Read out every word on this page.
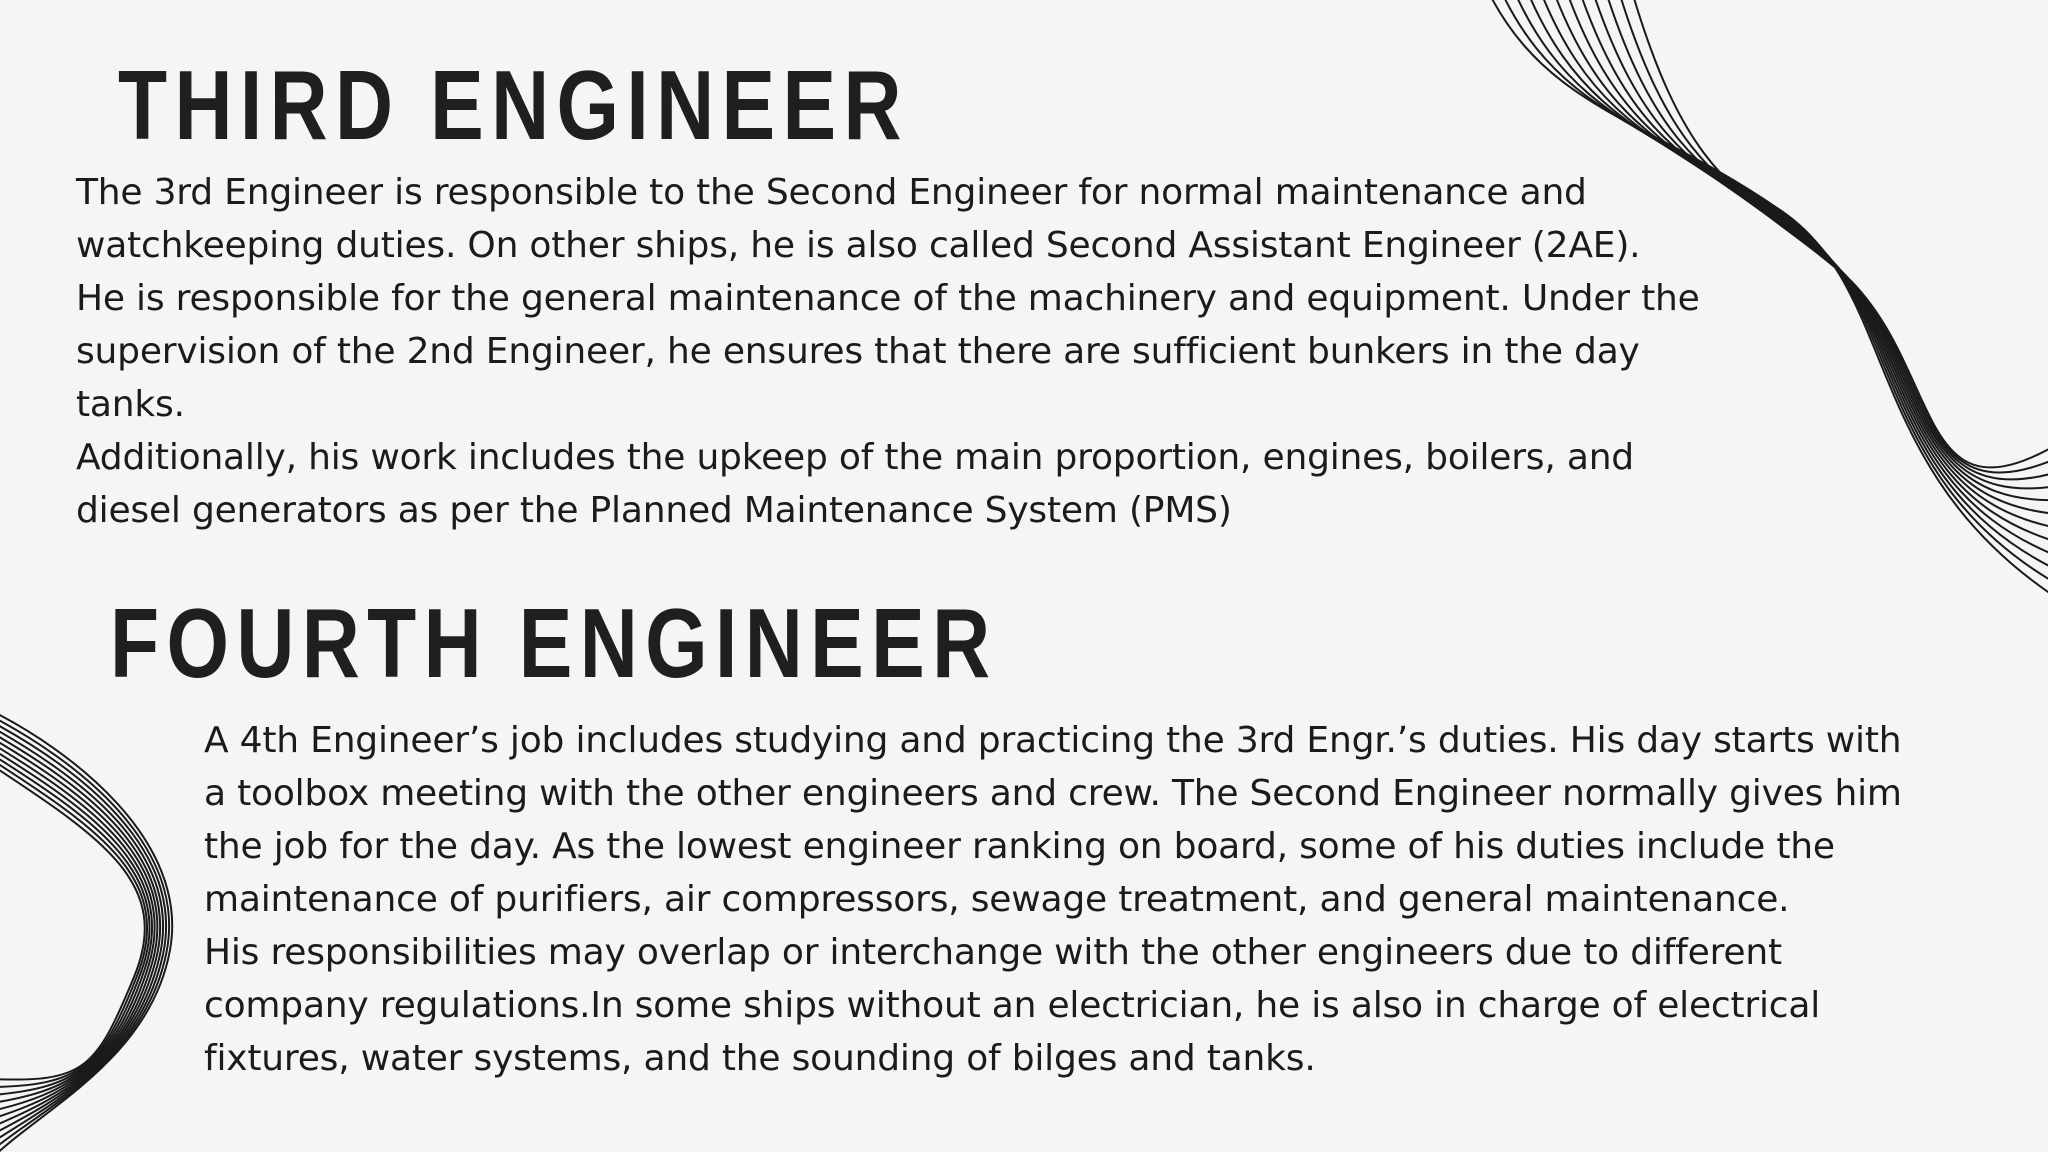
THIRD ENGINEER
The 3rd Engineer is responsible to the Second Engineer for normal maintenance and
watchkeeping duties. On other ships, he is also called Second Assistant Engineer (2AE).
He is responsible for the general maintenance of the machinery and equipment. Under the
supervision of the 2nd Engineer, he ensures that there are sufficient bunkers in the day
tanks.
Additionally, his work includes the upkeep of the main proportion, engines, boilers, and
diesel generators as per the Planned Maintenance System (PMS)
FOURTH ENGINEER
A 4th Engineer’s job includes studying and practicing the 3rd Engr.’s duties. His day starts with
a toolbox meeting with the other engineers and crew. The Second Engineer normally gives him
the job for the day. As the lowest engineer ranking on board, some of his duties include the
maintenance of purifiers, air compressors, sewage treatment, and general maintenance.
His responsibilities may overlap or interchange with the other engineers due to different
company regulations.In some ships without an electrician, he is also in charge of electrical
fixtures, water systems, and the sounding of bilges and tanks.
